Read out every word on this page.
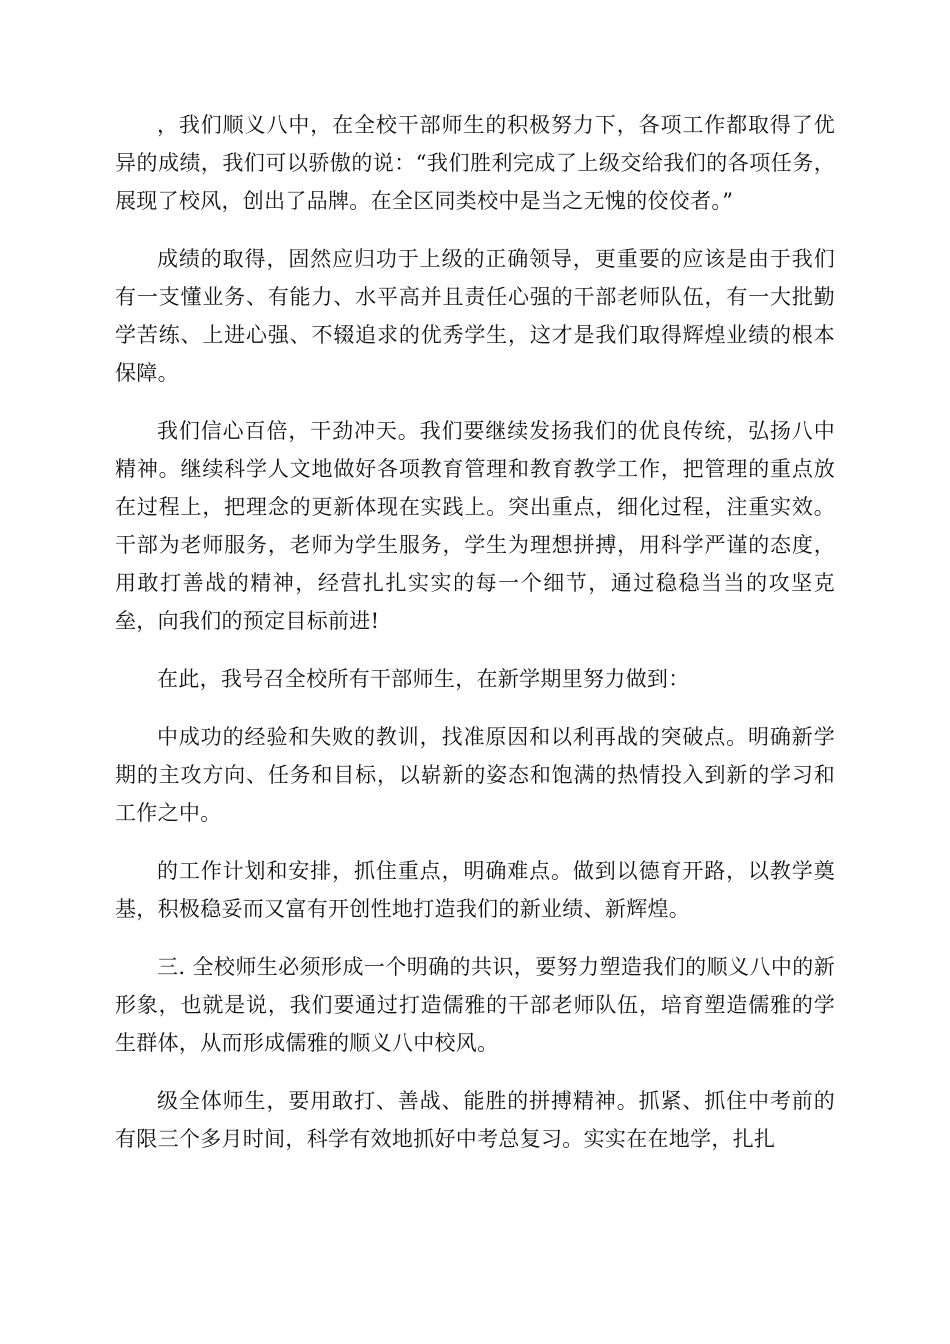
，我们顺义八中，在全校干部师生的积极努力下，各项工作都取得了优异的成绩，我们可以骄傲的说：“我们胜利完成了上级交给我们的各项任务，展现了校风，创出了品牌。在全区同类校中是当之无愧的佼佼者。”

成绩的取得，固然应归功于上级的正确领导，更重要的应该是由于我们有一支懂业务、有能力、水平高并且责任心强的干部老师队伍，有一大批勤学苦练、上进心强、不辍追求的优秀学生，这才是我们取得辉煌业绩的根本保障。

我们信心百倍，干劲冲天。我们要继续发扬我们的优良传统，弘扬八中精神。继续科学人文地做好各项教育管理和教育教学工作，把管理的重点放在过程上，把理念的更新体现在实践上。突出重点，细化过程，注重实效。干部为老师服务，老师为学生服务，学生为理想拼搏，用科学严谨的态度，用敢打善战的精神，经营扎扎实实的每一个细节，通过稳稳当当的攻坚克垒，向我们的预定目标前进!

在此，我号召全校所有干部师生，在新学期里努力做到：

中成功的经验和失败的教训，找准原因和以利再战的突破点。明确新学期的主攻方向、任务和目标，以崭新的姿态和饱满的热情投入到新的学习和工作之中。

的工作计划和安排，抓住重点，明确难点。做到以德育开路，以教学奠基，积极稳妥而又富有开创性地打造我们的新业绩、新辉煌。

三. 全校师生必须形成一个明确的共识，要努力塑造我们的顺义八中的新形象，也就是说，我们要通过打造儒雅的干部老师队伍，培育塑造儒雅的学生群体，从而形成儒雅的顺义八中校风。

级全体师生，要用敢打、善战、能胜的拼搏精神。抓紧、抓住中考前的有限三个多月时间，科学有效地抓好中考总复习。实实在在地学，扎扎
